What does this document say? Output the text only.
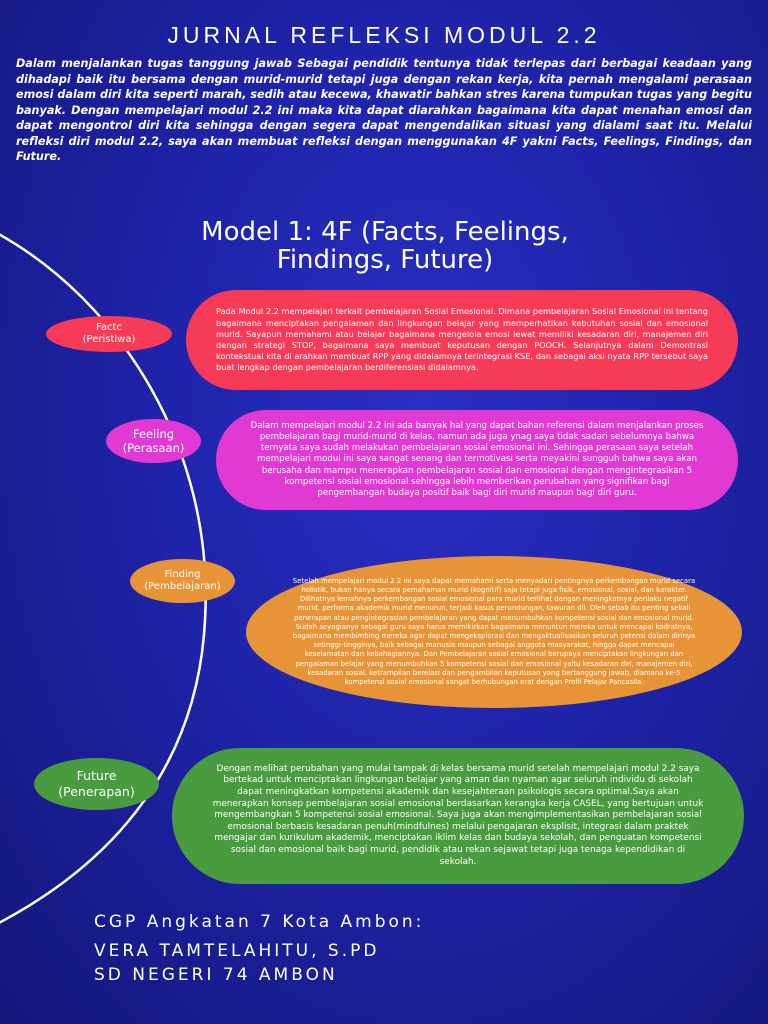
JURNAL REFLEKSI MODUL 2.2

Dalam menjalankan tugas tanggung jawab Sebagai pendidik tentunya tidak terlepas dari berbagai keadaan yang dihadapi baik itu bersama dengan murid-murid tetapi juga dengan rekan kerja, kita pernah mengalami perasaan emosi dalam diri kita seperti marah, sedih atau kecewa, khawatir bahkan stres karena tumpukan tugas yang begitu banyak. Dengan mempelajari modul 2.2 ini maka kita dapat diarahkan bagaimana kita dapat menahan emosi dan dapat mengontrol diri kita sehingga dengan segera dapat mengendalikan situasi yang dialami saat itu. Melalui refleksi diri modul 2.2, saya akan membuat refleksi dengan menggunakan 4F yakni Facts, Feelings, Findings, dan Future.

Model 1: 4F (Facts, Feelings,
Findings, Future)

Pada Modul 2.2 mempelajari terkait pembelajaran Sosial Emosional. Dimana pembelajaran Sosial Emosional ini tentang bagaimana menciptakan pengalaman dan lingkungan belajar yang memperhatikan kebutuhan sosial dan emosional murid. Sayapun memahami atau belajar bagaimana mengelola emosi lewat memiliki kesadaran diri, manajemen diri dengan strategi STOP, bagaimana saya membuat keputusan dengan POOCH. Selanjutnya dalam Demontrasi kontekstual kita di arahkan membuat RPP yang didalamnya terintegrasi KSE, dan sebagai aksi nyata RPP tersebut saya buat lengkap dengan pembelajaran berdiferensiasi didalamnya.

Factc
(Peristiwa)

Dalam mempelajari modul 2.2 ini ada banyak hal yang dapat bahan referensi dalam menjalankan proses pembelajaran bagi murid-murid di kelas, namun ada juga ynag saya tidak sadari sebelumnya bahwa ternyata saya sudah melakukan pembelajaran sosial emosional ini. Sehingga perasaan saya setelah mempelajari modul ini saya sangat senang dan termotivasi serta meyakini sungguh bahwa saya akan berusaha dan mampu menerapkan pembelajaran sosial dan emosional dengan mengintegrasikan 5 kompetensi sosial emosional sehingga lebih memberikan perubahan yang signifikan bagi pengembangan budaya positif baik bagi diri murid maupun bagi diri guru.

Feeling
(Perasaan)

Setelah mempelajari modul 2.2 ini saya dapat memahami serta menyadari pentingnya perkembangan murid secara holistik, bukan hanya secara pemahaman murid (kognitif) saja tetapi juga fisik, emosional, sosial, dan karakter. Dilihatnya lemahnya perkembangan sosial emosional para murid terlihat dengan meningkatnya perilaku negatif murid, performa akademik murid menurun, terjadi kasus perundungan, tawuran dll. Oleh sebab itu penting sekali penerapan atau pengintegrasian pembelajaran yang dapat menumbuhkan kompetensi sosial dan emosional murid. Sudah seyogianya sebagai guru saya harus memikirkan bagaimana menuntun mereka untuk mencapai kodratnya, bagaimana membimbing mereka agar dapat mengeksplorasi dan mengaktualisasikan seluruh potensi dalam dirinya setinggi-tingginya, baik sebagai manusia maupun sebagai anggota masyarakat, hingga dapat mencapai keselamatan dan kebahagiannya. Dan Pembelajaran sosial emosional berupaya menciptakan lingkungan dan pengalaman belajar yang menumbuhkan 5 kompetensi sosial dan emosional yaitu kesadaran diri, manajemen diri, kesadaran sosial, ketrampilan berelasi dan pengambilan keputusan yang bertanggung jawab, diamana ke-5 kompetensi sosial emosional sangat berhubungan erat dengan Profil Pelajar Pancasila.

Finding
(Pembelajaran)

Dengan melihat perubahan yang mulai tampak di kelas bersama murid setelah mempelajari modul 2.2 saya bertekad untuk menciptakan lingkungan belajar yang aman dan nyaman agar seluruh individu di sekolah dapat meningkatkan kompetensi akademik dan kesejahteraan psikologis secara optimal.Saya akan menerapkan konsep pembelajaran sosial emosional berdasarkan kerangka kerja CASEL, yang bertujuan untuk mengembangkan 5 kompetensi sosial emosional. Saya juga akan mengimplementasikan pembelajaran sosial emosional berbasis kesadaran penuh(mindfulnes) melalui pengajaran eksplisit, integrasi dalam praktek mengajar dan kurikulum akademik, menciptakan iklim kelas dan budaya sekolah, dan penguatan kompetensi sosial dan emosional baik bagi murid, pendidik atau rekan sejawat tetapi juga tenaga kependidikan di sekolah.

Future
(Penerapan)

CGP Angkatan 7 Kota Ambon:

VERA TAMTELAHITU, S.PD

SD NEGERI 74 AMBON
